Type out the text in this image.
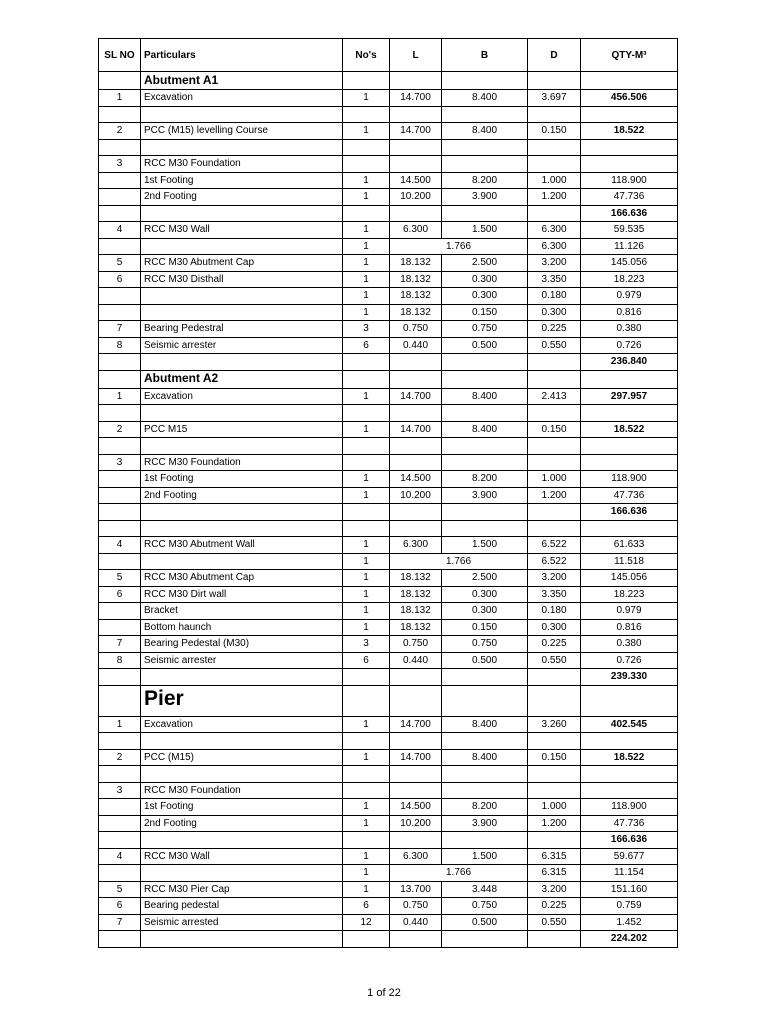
SL NO	Particulars	No's	L	B	D	QTY-M³
	Abutment A1					
1	Excavation	1	14.700	8.400	3.697	456.506

2	PCC (M15) levelling Course	1	14.700	8.400	0.150	18.522

3	RCC M30 Foundation					
	1st Footing	1	14.500	8.200	1.000	118.900
	2nd Footing	1	10.200	3.900	1.200	47.736
						166.636
4	RCC M30 Wall	1	6.300	1.500	6.300	59.535
		1	1.766		6.300	11.126
5	RCC M30 Abutment Cap	1	18.132	2.500	3.200	145.056
6	RCC M30 Disthall	1	18.132	0.300	3.350	18.223
		1	18.132	0.300	0.180	0.979
		1	18.132	0.150	0.300	0.816
7	Bearing Pedestral	3	0.750	0.750	0.225	0.380
8	Seismic arrester	6	0.440	0.500	0.550	0.726
						236.840
	Abutment A2					
1	Excavation	1	14.700	8.400	2.413	297.957

2	PCC M15	1	14.700	8.400	0.150	18.522

3	RCC M30 Foundation					
	1st Footing	1	14.500	8.200	1.000	118.900
	2nd Footing	1	10.200	3.900	1.200	47.736
						166.636

4	RCC M30 Abutment Wall	1	6.300	1.500	6.522	61.633
		1	1.766		6.522	11.518
5	RCC M30 Abutment Cap	1	18.132	2.500	3.200	145.056
6	RCC M30 Dirt wall	1	18.132	0.300	3.350	18.223
	Bracket	1	18.132	0.300	0.180	0.979
	Bottom haunch	1	18.132	0.150	0.300	0.816
7	Bearing Pedestal (M30)	3	0.750	0.750	0.225	0.380
8	Seismic arrester	6	0.440	0.500	0.550	0.726
						239.330
	Pier					
1	Excavation	1	14.700	8.400	3.260	402.545

2	PCC (M15)	1	14.700	8.400	0.150	18.522

3	RCC M30 Foundation					
	1st Footing	1	14.500	8.200	1.000	118.900
	2nd Footing	1	10.200	3.900	1.200	47.736
						166.636
4	RCC M30 Wall	1	6.300	1.500	6.315	59.677
		1	1.766		6.315	11.154
5	RCC M30 Pier Cap	1	13.700	3.448	3.200	151.160
6	Bearing pedestal	6	0.750	0.750	0.225	0.759
7	Seismic arrested	12	0.440	0.500	0.550	1.452
						224.202
1 of 22
